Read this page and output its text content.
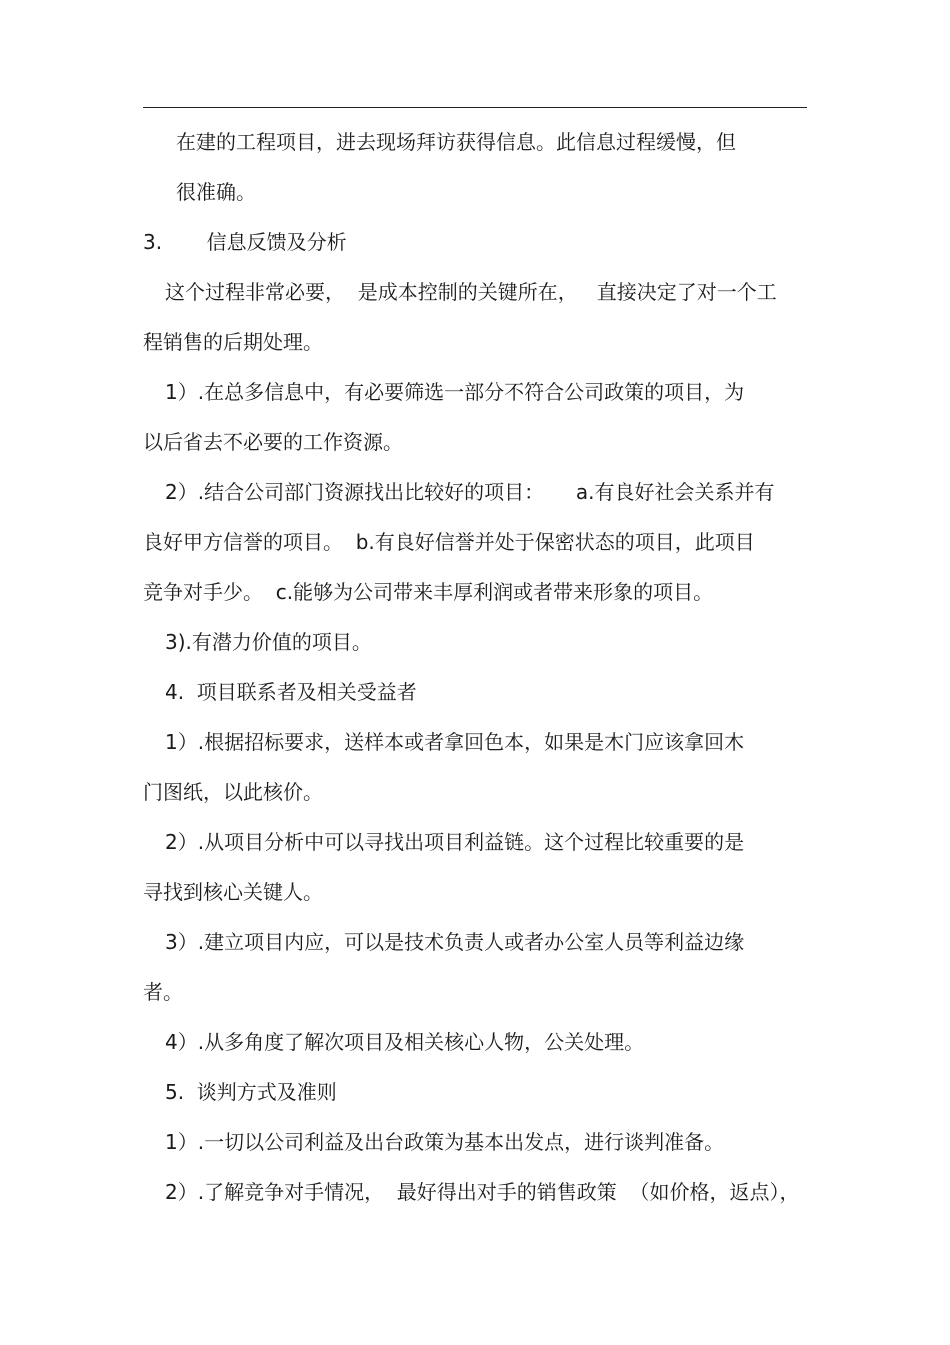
在建的工程项目，进去现场拜访获得信息。此信息过程缓慢，但
很准确。
3.       信息反馈及分析
这个过程非常必要，  是成本控制的关键所在，   直接决定了对一个工
程销售的后期处理。
1）.在总多信息中，有必要筛选一部分不符合公司政策的项目，为
以后省去不必要的工作资源。
2）.结合公司部门资源找出比较好的项目：     a.有良好社会关系并有
良好甲方信誉的项目。  b.有良好信誉并处于保密状态的项目，此项目
竞争对手少。  c.能够为公司带来丰厚利润或者带来形象的项目。
3).有潜力价值的项目。
4.  项目联系者及相关受益者
1）.根据招标要求，送样本或者拿回色本，如果是木门应该拿回木
门图纸，以此核价。
2）.从项目分析中可以寻找出项目利益链。这个过程比较重要的是
寻找到核心关键人。
3）.建立项目内应，可以是技术负责人或者办公室人员等利益边缘
者。
4）.从多角度了解次项目及相关核心人物，公关处理。
5.  谈判方式及准则
1）.一切以公司利益及出台政策为基本出发点，进行谈判准备。
2）.了解竞争对手情况，  最好得出对手的销售政策  （如价格，返点），
